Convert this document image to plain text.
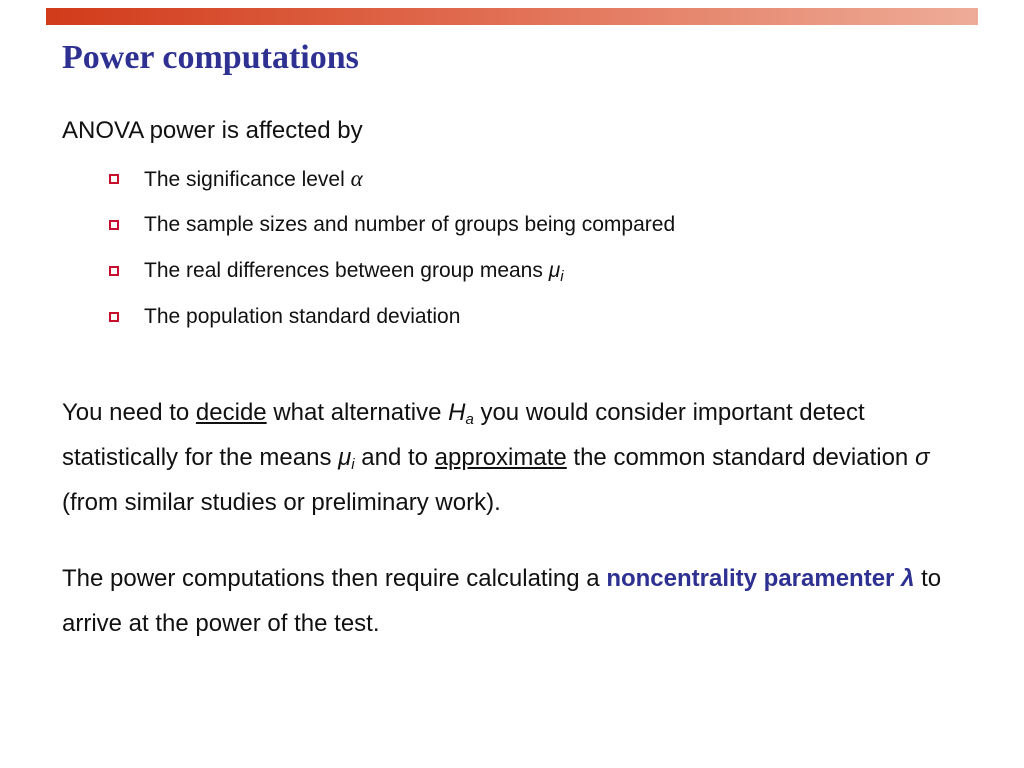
Power computations
ANOVA power is affected by
The significance level α
The sample sizes and number of groups being compared
The real differences between group means $\mu_i$
The population standard deviation

You need to decide what alternative $H_a$ you would consider important detect statistically for the means $\mu_i$ and to approximate the common standard deviation σ (from similar studies or preliminary work).

The power computations then require calculating a noncentrality paramenter λ to arrive at the power of the test.
